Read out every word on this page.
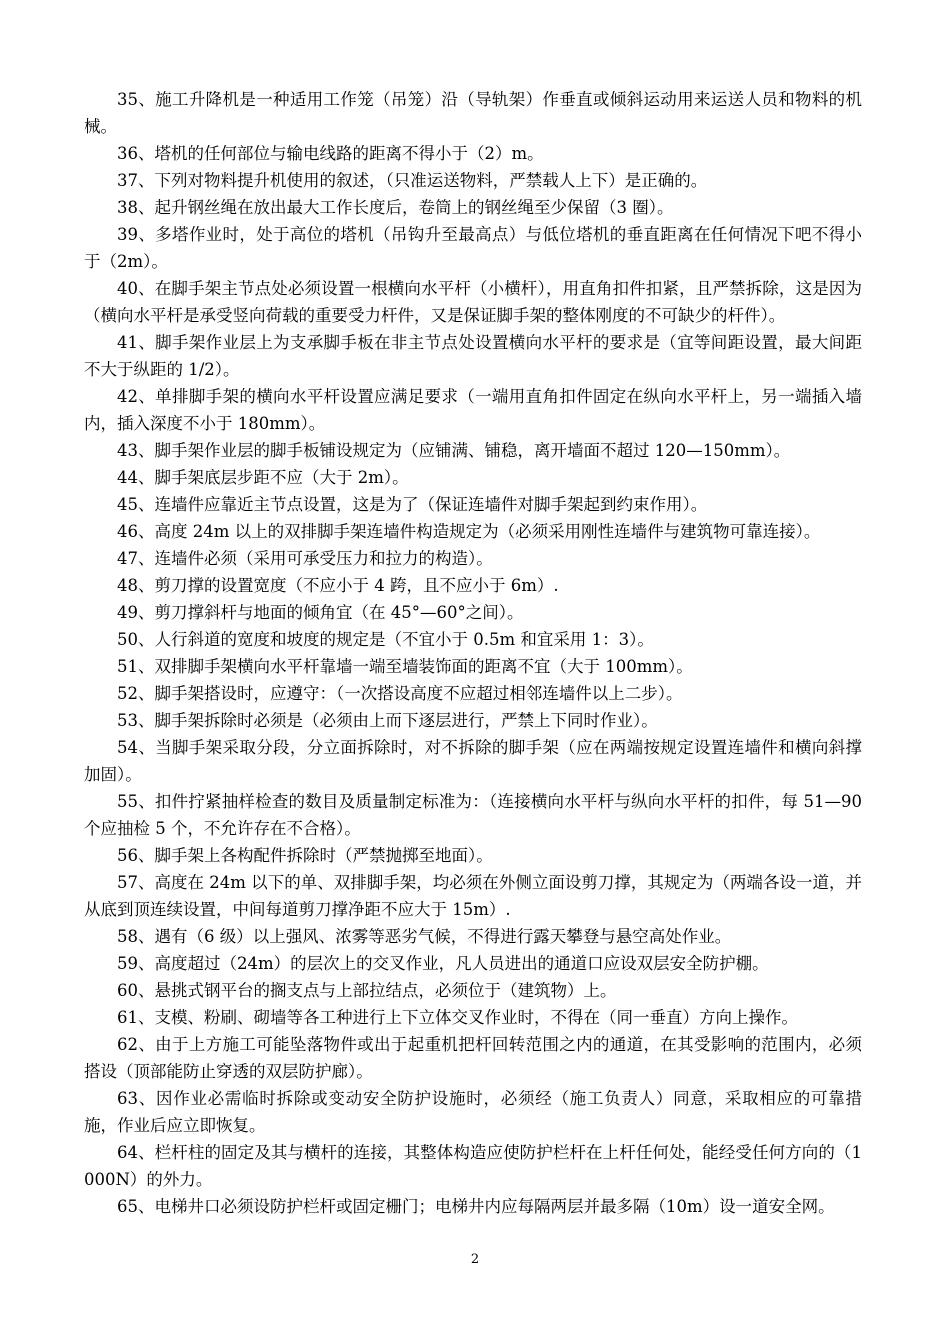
35、施工升降机是一种适用工作笼（吊笼）沿（导轨架）作垂直或倾斜运动用来运送人员和物料的机械。

36、塔机的任何部位与输电线路的距离不得小于（2）m。

37、下列对物料提升机使用的叙述，（只准运送物料，严禁载人上下）是正确的。

38、起升钢丝绳在放出最大工作长度后，卷筒上的钢丝绳至少保留（3 圈）。

39、多塔作业时，处于高位的塔机（吊钩升至最高点）与低位塔机的垂直距离在任何情况下吧不得小于（2m）。

40、在脚手架主节点处必须设置一根横向水平杆（小横杆），用直角扣件扣紧，且严禁拆除，这是因为（横向水平杆是承受竖向荷载的重要受力杆件，又是保证脚手架的整体刚度的不可缺少的杆件）。

41、脚手架作业层上为支承脚手板在非主节点处设置横向水平杆的要求是（宜等间距设置，最大间距不大于纵距的 1/2）。

42、单排脚手架的横向水平杆设置应满足要求（一端用直角扣件固定在纵向水平杆上，另一端插入墙内，插入深度不小于 180mm）。

43、脚手架作业层的脚手板铺设规定为（应铺满、铺稳，离开墙面不超过 120—150mm）。

44、脚手架底层步距不应（大于 2m）。

45、连墙件应靠近主节点设置，这是为了（保证连墙件对脚手架起到约束作用）。

46、高度 24m 以上的双排脚手架连墙件构造规定为（必须采用刚性连墙件与建筑物可靠连接）。

47、连墙件必须（采用可承受压力和拉力的构造）。

48、剪刀撑的设置宽度（不应小于 4 跨，且不应小于 6m）.

49、剪刀撑斜杆与地面的倾角宜（在 45°—60°之间）。

50、人行斜道的宽度和坡度的规定是（不宜小于 0.5m 和宜采用 1：3）。

51、双排脚手架横向水平杆靠墙一端至墙装饰面的距离不宜（大于 100mm）。

52、脚手架搭设时，应遵守：（一次搭设高度不应超过相邻连墙件以上二步）。

53、脚手架拆除时必须是（必须由上而下逐层进行，严禁上下同时作业）。

54、当脚手架采取分段，分立面拆除时，对不拆除的脚手架（应在两端按规定设置连墙件和横向斜撑加固）。

55、扣件拧紧抽样检查的数目及质量制定标准为：（连接横向水平杆与纵向水平杆的扣件，每 51—90 个应抽检 5 个，不允许存在不合格）。

56、脚手架上各构配件拆除时（严禁抛掷至地面）。

57、高度在 24m 以下的单、双排脚手架，均必须在外侧立面设剪刀撑，其规定为（两端各设一道，并从底到顶连续设置，中间每道剪刀撑净距不应大于 15m）.

58、遇有（6 级）以上强风、浓雾等恶劣气候，不得进行露天攀登与悬空高处作业。

59、高度超过（24m）的层次上的交叉作业，凡人员进出的通道口应设双层安全防护棚。

60、悬挑式钢平台的搁支点与上部拉结点，必须位于（建筑物）上。

61、支模、粉刷、砌墙等各工种进行上下立体交叉作业时，不得在（同一垂直）方向上操作。

62、由于上方施工可能坠落物件或出于起重机把杆回转范围之内的通道，在其受影响的范围内，必须搭设（顶部能防止穿透的双层防护廊）。

63、因作业必需临时拆除或变动安全防护设施时，必须经（施工负责人）同意，采取相应的可靠措施，作业后应立即恢复。

64、栏杆柱的固定及其与横杆的连接，其整体构造应使防护栏杆在上杆任何处，能经受任何方向的（1000N）的外力。

65、电梯井口必须设防护栏杆或固定栅门；电梯井内应每隔两层并最多隔（10m）设一道安全网。

2
